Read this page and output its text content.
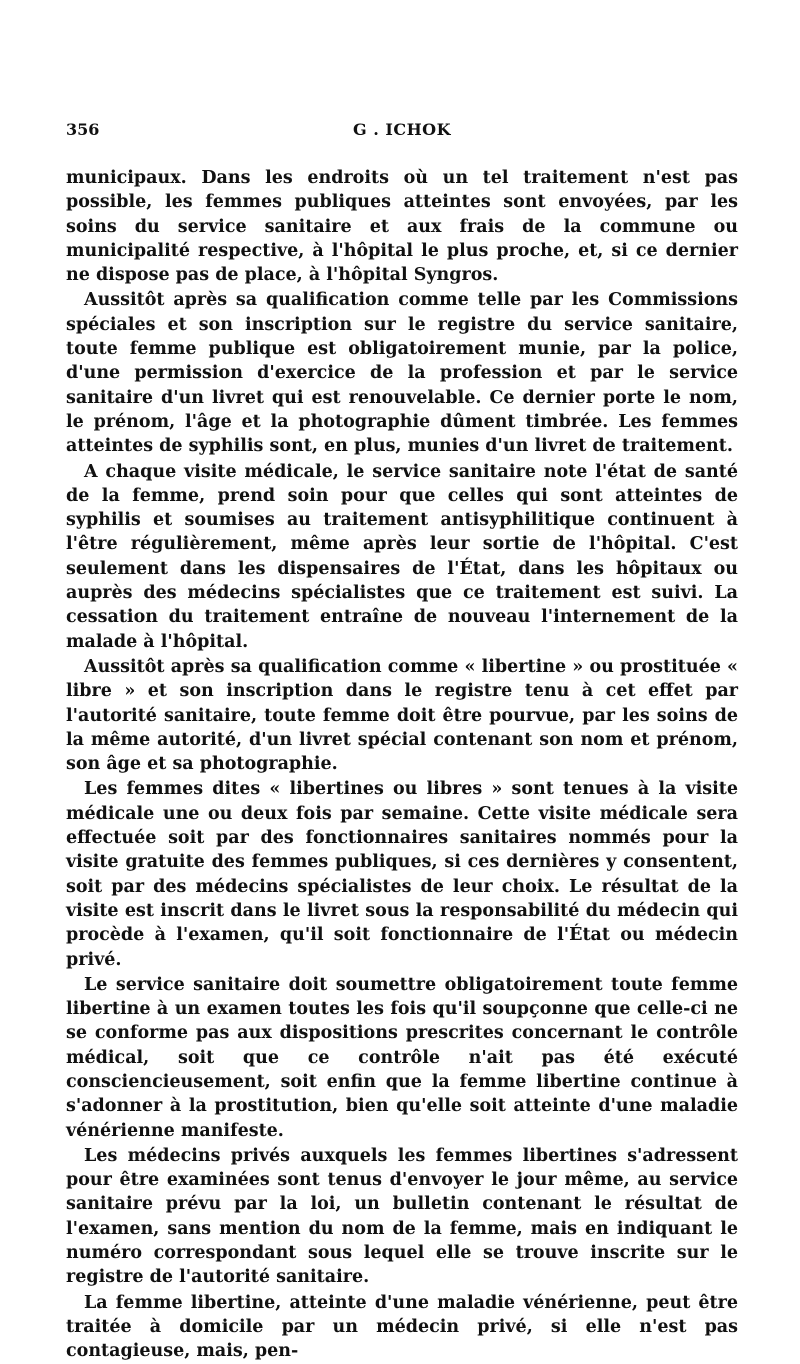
356	G . ICHOK

municipaux. Dans les endroits où un tel traitement n'est pas possible, les femmes publiques atteintes sont envoyées, par les soins du service sanitaire et aux frais de la commune ou municipalité respective, à l'hôpital le plus proche, et, si ce dernier ne dispose pas de place, à l'hôpital Syngros.

Aussitôt après sa qualification comme telle par les Commissions spéciales et son inscription sur le registre du service sanitaire, toute femme publique est obligatoirement munie, par la police, d'une permission d'exercice de la profession et par le service sanitaire d'un livret qui est renouvelable. Ce dernier porte le nom, le prénom, l'âge et la photographie dûment timbrée. Les femmes atteintes de syphilis sont, en plus, munies d'un livret de traitement.

A chaque visite médicale, le service sanitaire note l'état de santé de la femme, prend soin pour que celles qui sont atteintes de syphilis et soumises au traitement antisyphilitique continuent à l'être régulièrement, même après leur sortie de l'hôpital. C'est seulement dans les dispensaires de l'État, dans les hôpitaux ou auprès des médecins spécialistes que ce traitement est suivi. La cessation du traitement entraîne de nouveau l'internement de la malade à l'hôpital.

Aussitôt après sa qualification comme « libertine » ou prostituée « libre » et son inscription dans le registre tenu à cet effet par l'autorité sanitaire, toute femme doit être pourvue, par les soins de la même autorité, d'un livret spécial contenant son nom et prénom, son âge et sa photographie.

Les femmes dites « libertines ou libres » sont tenues à la visite médicale une ou deux fois par semaine. Cette visite médicale sera effectuée soit par des fonctionnaires sanitaires nommés pour la visite gratuite des femmes publiques, si ces dernières y consentent, soit par des médecins spécialistes de leur choix. Le résultat de la visite est inscrit dans le livret sous la responsabilité du médecin qui procède à l'examen, qu'il soit fonctionnaire de l'État ou médecin privé.

Le service sanitaire doit soumettre obligatoirement toute femme libertine à un examen toutes les fois qu'il soupçonne que celle-ci ne se conforme pas aux dispositions prescrites concernant le contrôle médical, soit que ce contrôle n'ait pas été exécuté consciencieusement, soit enfin que la femme libertine continue à s'adonner à la prostitution, bien qu'elle soit atteinte d'une maladie vénérienne manifeste.

Les médecins privés auxquels les femmes libertines s'adressent pour être examinées sont tenus d'envoyer le jour même, au service sanitaire prévu par la loi, un bulletin contenant le résultat de l'examen, sans mention du nom de la femme, mais en indiquant le numéro correspondant sous lequel elle se trouve inscrite sur le registre de l'autorité sanitaire.

La femme libertine, atteinte d'une maladie vénérienne, peut être traitée à domicile par un médecin privé, si elle n'est pas contagieuse, mais, pen-
